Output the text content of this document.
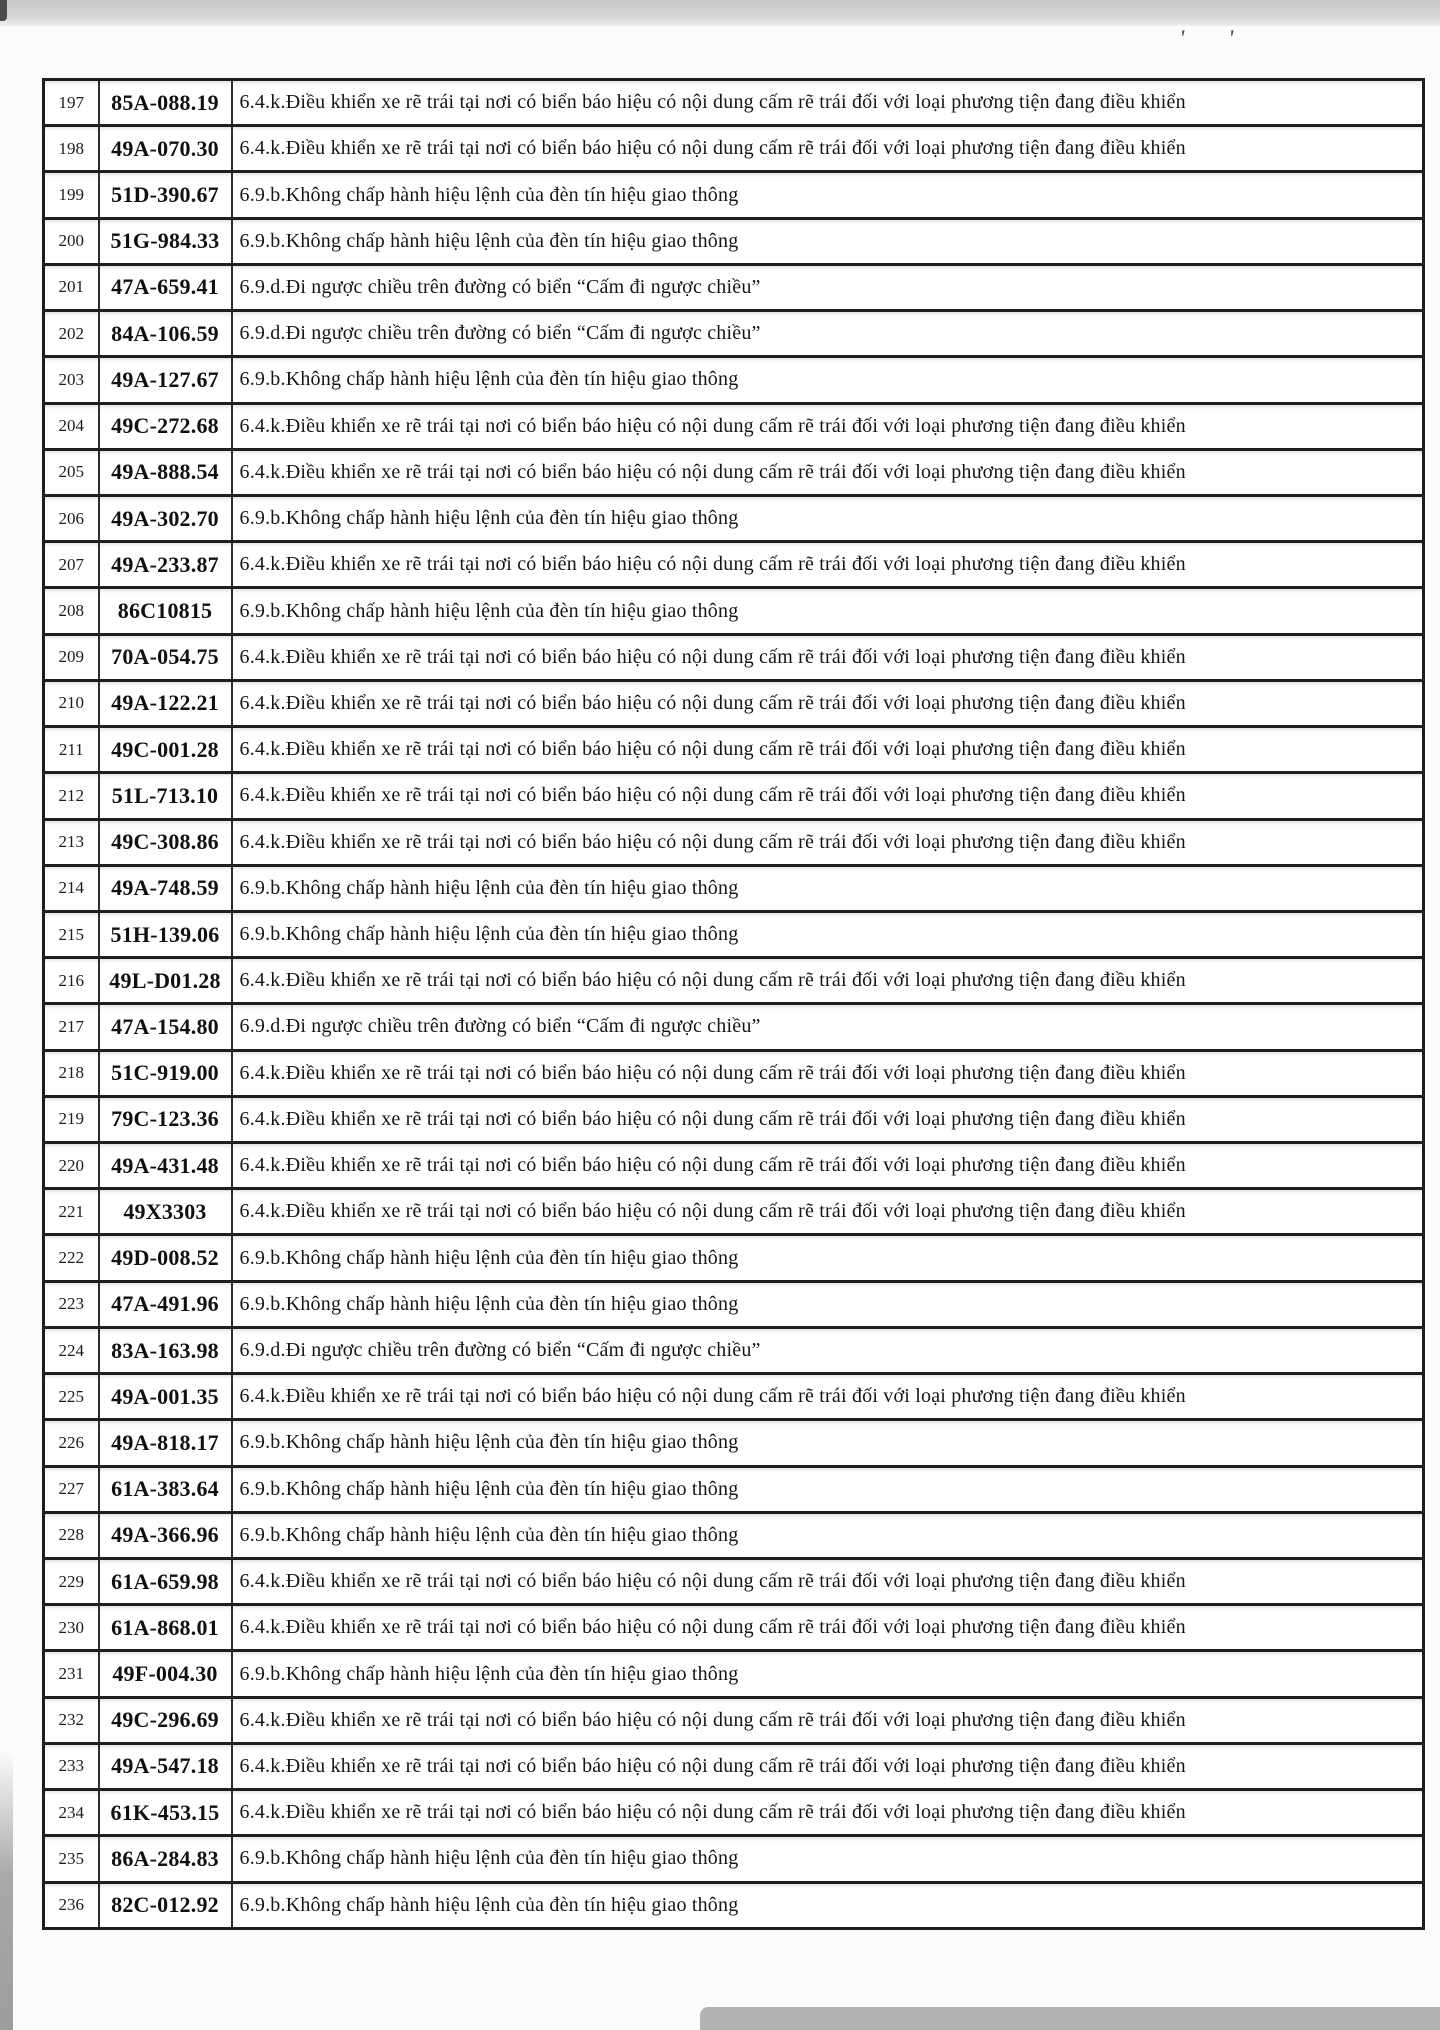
' '
197	85A-088.19	6.4.k.Điều khiển xe rẽ trái tại nơi có biển báo hiệu có nội dung cấm rẽ trái đối với loại phương tiện đang điều khiển
198	49A-070.30	6.4.k.Điều khiển xe rẽ trái tại nơi có biển báo hiệu có nội dung cấm rẽ trái đối với loại phương tiện đang điều khiển
199	51D-390.67	6.9.b.Không chấp hành hiệu lệnh của đèn tín hiệu giao thông
200	51G-984.33	6.9.b.Không chấp hành hiệu lệnh của đèn tín hiệu giao thông
201	47A-659.41	6.9.d.Đi ngược chiều trên đường có biển “Cấm đi ngược chiều”
202	84A-106.59	6.9.d.Đi ngược chiều trên đường có biển “Cấm đi ngược chiều”
203	49A-127.67	6.9.b.Không chấp hành hiệu lệnh của đèn tín hiệu giao thông
204	49C-272.68	6.4.k.Điều khiển xe rẽ trái tại nơi có biển báo hiệu có nội dung cấm rẽ trái đối với loại phương tiện đang điều khiển
205	49A-888.54	6.4.k.Điều khiển xe rẽ trái tại nơi có biển báo hiệu có nội dung cấm rẽ trái đối với loại phương tiện đang điều khiển
206	49A-302.70	6.9.b.Không chấp hành hiệu lệnh của đèn tín hiệu giao thông
207	49A-233.87	6.4.k.Điều khiển xe rẽ trái tại nơi có biển báo hiệu có nội dung cấm rẽ trái đối với loại phương tiện đang điều khiển
208	86C10815	6.9.b.Không chấp hành hiệu lệnh của đèn tín hiệu giao thông
209	70A-054.75	6.4.k.Điều khiển xe rẽ trái tại nơi có biển báo hiệu có nội dung cấm rẽ trái đối với loại phương tiện đang điều khiển
210	49A-122.21	6.4.k.Điều khiển xe rẽ trái tại nơi có biển báo hiệu có nội dung cấm rẽ trái đối với loại phương tiện đang điều khiển
211	49C-001.28	6.4.k.Điều khiển xe rẽ trái tại nơi có biển báo hiệu có nội dung cấm rẽ trái đối với loại phương tiện đang điều khiển
212	51L-713.10	6.4.k.Điều khiển xe rẽ trái tại nơi có biển báo hiệu có nội dung cấm rẽ trái đối với loại phương tiện đang điều khiển
213	49C-308.86	6.4.k.Điều khiển xe rẽ trái tại nơi có biển báo hiệu có nội dung cấm rẽ trái đối với loại phương tiện đang điều khiển
214	49A-748.59	6.9.b.Không chấp hành hiệu lệnh của đèn tín hiệu giao thông
215	51H-139.06	6.9.b.Không chấp hành hiệu lệnh của đèn tín hiệu giao thông
216	49L-D01.28	6.4.k.Điều khiển xe rẽ trái tại nơi có biển báo hiệu có nội dung cấm rẽ trái đối với loại phương tiện đang điều khiển
217	47A-154.80	6.9.d.Đi ngược chiều trên đường có biển “Cấm đi ngược chiều”
218	51C-919.00	6.4.k.Điều khiển xe rẽ trái tại nơi có biển báo hiệu có nội dung cấm rẽ trái đối với loại phương tiện đang điều khiển
219	79C-123.36	6.4.k.Điều khiển xe rẽ trái tại nơi có biển báo hiệu có nội dung cấm rẽ trái đối với loại phương tiện đang điều khiển
220	49A-431.48	6.4.k.Điều khiển xe rẽ trái tại nơi có biển báo hiệu có nội dung cấm rẽ trái đối với loại phương tiện đang điều khiển
221	49X3303	6.4.k.Điều khiển xe rẽ trái tại nơi có biển báo hiệu có nội dung cấm rẽ trái đối với loại phương tiện đang điều khiển
222	49D-008.52	6.9.b.Không chấp hành hiệu lệnh của đèn tín hiệu giao thông
223	47A-491.96	6.9.b.Không chấp hành hiệu lệnh của đèn tín hiệu giao thông
224	83A-163.98	6.9.d.Đi ngược chiều trên đường có biển “Cấm đi ngược chiều”
225	49A-001.35	6.4.k.Điều khiển xe rẽ trái tại nơi có biển báo hiệu có nội dung cấm rẽ trái đối với loại phương tiện đang điều khiển
226	49A-818.17	6.9.b.Không chấp hành hiệu lệnh của đèn tín hiệu giao thông
227	61A-383.64	6.9.b.Không chấp hành hiệu lệnh của đèn tín hiệu giao thông
228	49A-366.96	6.9.b.Không chấp hành hiệu lệnh của đèn tín hiệu giao thông
229	61A-659.98	6.4.k.Điều khiển xe rẽ trái tại nơi có biển báo hiệu có nội dung cấm rẽ trái đối với loại phương tiện đang điều khiển
230	61A-868.01	6.4.k.Điều khiển xe rẽ trái tại nơi có biển báo hiệu có nội dung cấm rẽ trái đối với loại phương tiện đang điều khiển
231	49F-004.30	6.9.b.Không chấp hành hiệu lệnh của đèn tín hiệu giao thông
232	49C-296.69	6.4.k.Điều khiển xe rẽ trái tại nơi có biển báo hiệu có nội dung cấm rẽ trái đối với loại phương tiện đang điều khiển
233	49A-547.18	6.4.k.Điều khiển xe rẽ trái tại nơi có biển báo hiệu có nội dung cấm rẽ trái đối với loại phương tiện đang điều khiển
234	61K-453.15	6.4.k.Điều khiển xe rẽ trái tại nơi có biển báo hiệu có nội dung cấm rẽ trái đối với loại phương tiện đang điều khiển
235	86A-284.83	6.9.b.Không chấp hành hiệu lệnh của đèn tín hiệu giao thông
236	82C-012.92	6.9.b.Không chấp hành hiệu lệnh của đèn tín hiệu giao thông
